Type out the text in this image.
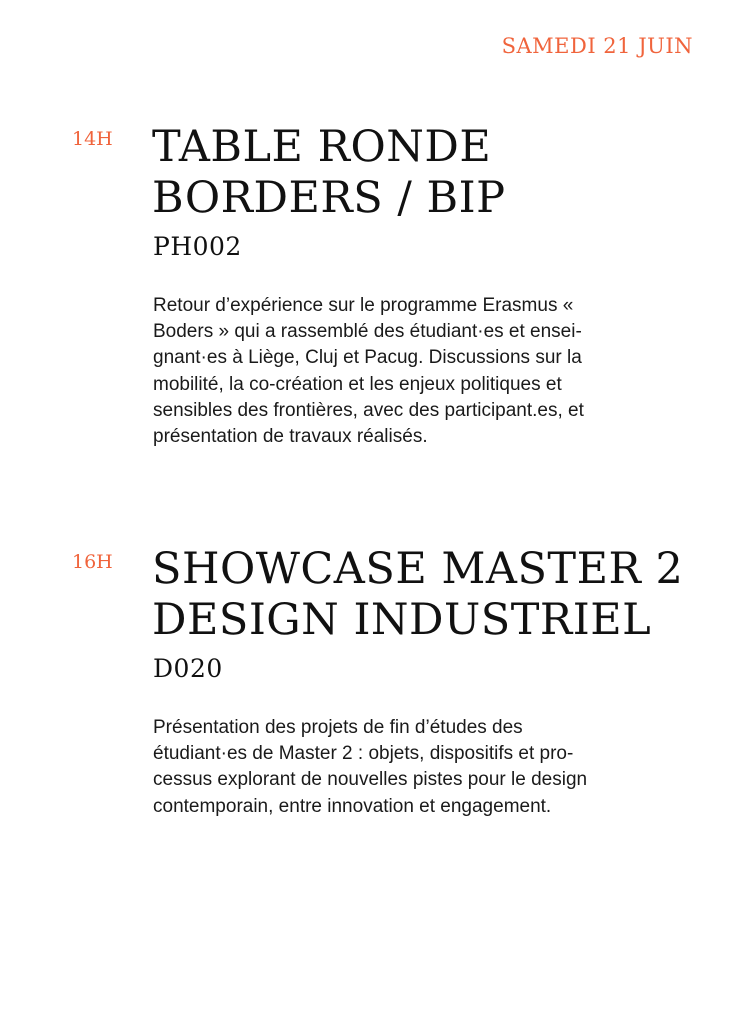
SAMEDI 21 JUIN
14H TABLE RONDE
BORDERS / BIP
PH002
Retour d’expérience sur le programme Erasmus «
Boders » qui a rassemblé des étudiant·es et ensei-
gnant·es à Liège, Cluj et Pacug. Discussions sur la
mobilité, la co-création et les enjeux politiques et
sensibles des frontières, avec des participant.es, et
présentation de travaux réalisés.
16H SHOWCASE MASTER 2
DESIGN INDUSTRIEL
D020
Présentation des projets de fin d’études des
étudiant·es de Master 2 : objets, dispositifs et pro-
cessus explorant de nouvelles pistes pour le design
contemporain, entre innovation et engagement.
